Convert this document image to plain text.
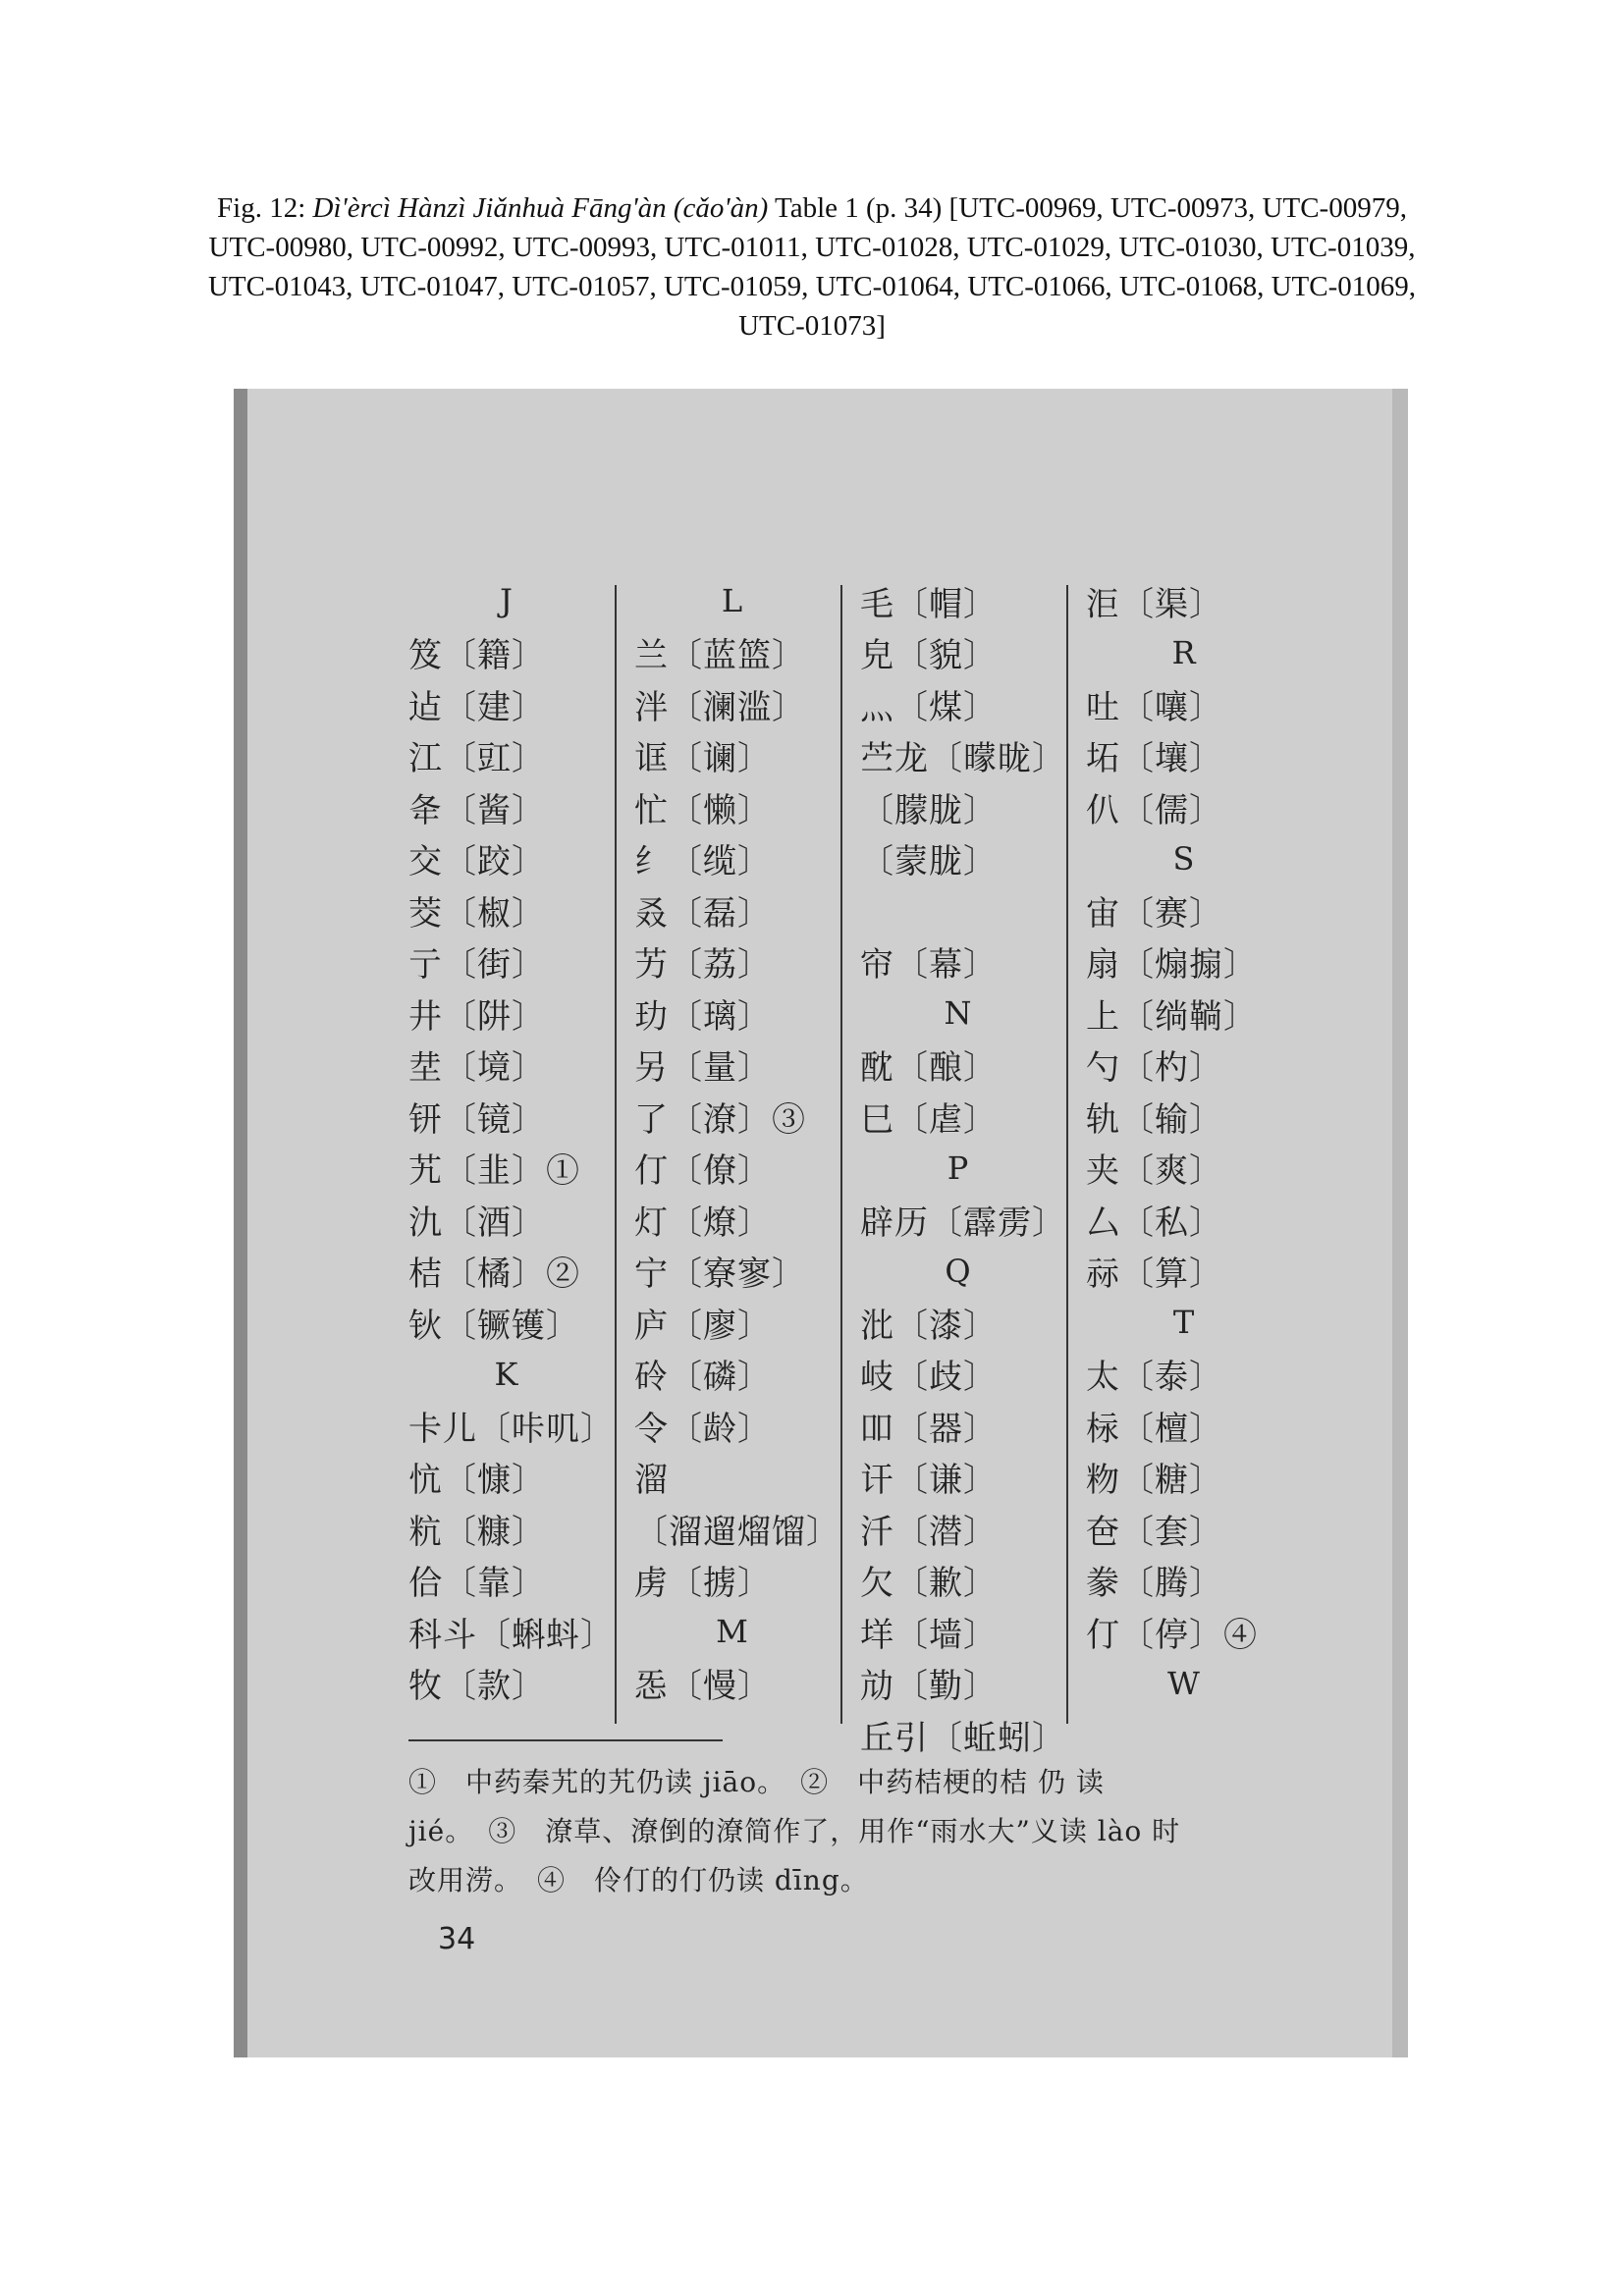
Fig. 12: Dì'èrcì Hànzì Jiǎnhuà Fāng'àn (cǎo'àn) Table 1 (p. 34) [UTC-00969, UTC-00973, UTC-00979, UTC-00980, UTC-00992, UTC-00993, UTC-01011, UTC-01028, UTC-01029, UTC-01030, UTC-01039, UTC-01043, UTC-01047, UTC-01057, UTC-01059, UTC-01064, UTC-01066, UTC-01068, UTC-01069, UTC-01073]
J
笈〔籍〕
迠〔建〕
江〔豇〕
夅〔酱〕
交〔跤〕
茭〔椒〕
亍〔街〕
井〔阱〕
坓〔境〕
钘〔镜〕
艽〔韭〕①
氿〔酒〕
桔〔橘〕②
钬〔镢镬〕
K
卡儿〔咔叽〕
忼〔慷〕
粇〔糠〕
佮〔靠〕
科斗〔蝌蚪〕
牧〔款〕
L
兰〔蓝篮〕
泮〔澜滥〕
诓〔谰〕
忙〔懒〕
纟〔缆〕
叒〔磊〕
艻〔荔〕
玏〔璃〕
另〔量〕
了〔潦〕③
仃〔僚〕
灯〔燎〕
宁〔寮寥〕
庐〔廖〕
砱〔磷〕
令〔龄〕
溜
〔溜遛熘馏〕
虏〔掳〕
M
㤅〔慢〕
毛〔帽〕
皃〔貌〕
灬〔煤〕
苎龙〔曚昽〕
〔朦胧〕
〔蒙胧〕
帘〔幕〕
N
酖〔酿〕
巳〔虐〕
P
辟历〔霹雳〕
Q
沘〔漆〕
岐〔歧〕
吅〔器〕
讦〔谦〕
汘〔潜〕
欠〔歉〕
垟〔墙〕
劥〔勤〕
丘引〔蚯蚓〕
洰〔渠〕
R
吐〔嚷〕
坧〔壤〕
仈〔儒〕
S
宙〔赛〕
扇〔煽搧〕
上〔绱鞝〕
勺〔杓〕
轨〔输〕
夹〔爽〕
厶〔私〕
祘〔算〕
T
太〔泰〕
柡〔檀〕
粅〔糖〕
夿〔套〕
豢〔腾〕
仃〔停〕④
W
①　中药秦艽的艽仍读 jiāo。　②　中药桔梗的桔 仍 读
jié。　③　潦草、潦倒的潦简作了，用作“雨水大”义读 lào 时
改用涝。　④　伶仃的仃仍读 dīng。
34
